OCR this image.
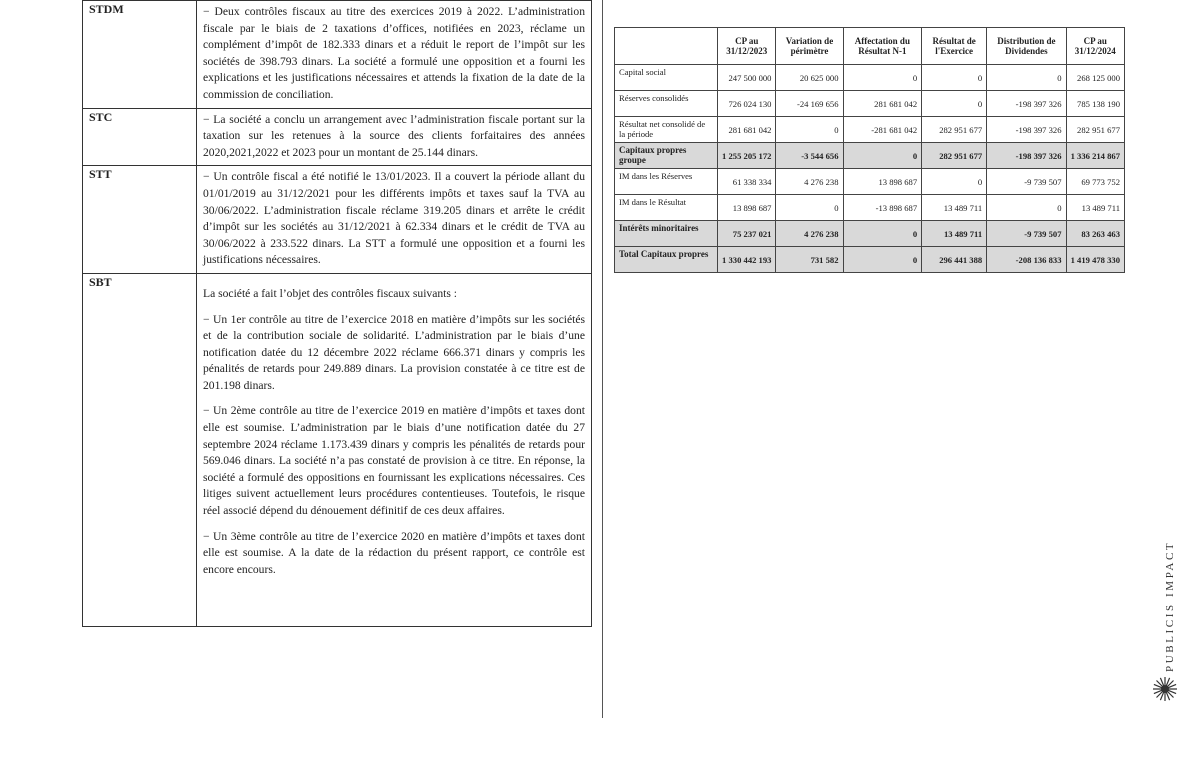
STDM	− Deux contrôles fiscaux au titre des exercices 2019 à 2022. L’administration fiscale par le biais de 2 taxations d’offices, notifiées en 2023, réclame un complément d’impôt de 182.333 dinars et a réduit le report de l’impôt sur les sociétés de 398.793 dinars. La société a formulé une opposition et a fourni les explications et les justifications nécessaires et attends la fixation de la date de la commission de conciliation.

STC	− La société a conclu un arrangement avec l’administration fiscale portant sur la taxation sur les retenues à la source des clients forfaitaires des années 2020,2021,2022 et 2023 pour un montant de 25.144 dinars.

STT	− Un contrôle fiscal a été notifié le 13/01/2023. Il a couvert la période allant du 01/01/2019 au 31/12/2021 pour les différents impôts et taxes sauf la TVA au 30/06/2022. L’administration fiscale réclame 319.205 dinars et arrête le crédit d’impôt sur les sociétés au 31/12/2021 à 62.334 dinars et le crédit de TVA au 30/06/2022 à 233.522 dinars. La STT a formulé une opposition et a fourni les justifications nécessaires.

SBT	La société a fait l’objet des contrôles fiscaux suivants :

− Un 1er contrôle au titre de l’exercice 2018 en matière d’impôts sur les sociétés et de la contribution sociale de solidarité. L’administration par le biais d’une notification datée du 12 décembre 2022 réclame 666.371 dinars y compris les pénalités de retards pour 249.889 dinars. La provision constatée à ce titre est de 201.198 dinars.

− Un 2ème contrôle au titre de l’exercice 2019 en matière d’impôts et taxes dont elle est soumise. L’administration par le biais d’une notification datée du 27 septembre 2024 réclame 1.173.439 dinars y compris les pénalités de retards pour 569.046 dinars. La société n’a pas constaté de provision à ce titre. En réponse, la société a formulé des oppositions en fournissant les explications nécessaires. Ces litiges suivent actuellement leurs procédures contentieuses. Toutefois, le risque réel associé dépend du dénouement définitif de ces deux affaires.

− Un 3ème contrôle au titre de l’exercice 2020 en matière d’impôts et taxes dont elle est soumise. A la date de la rédaction du présent rapport, ce contrôle est encore encours.

	CP au 31/12/2023	Variation de périmètre	Affectation du Résultat N-1	Résultat de l'Exercice	Distribution de Dividendes	CP au 31/12/2024
Capital social	247 500 000	20 625 000	0	0	0	268 125 000
Réserves consolidés	726 024 130	-24 169 656	281 681 042	0	-198 397 326	785 138 190
Résultat net consolidé de la période	281 681 042	0	-281 681 042	282 951 677	-198 397 326	282 951 677
Capitaux propres groupe	1 255 205 172	-3 544 656	0	282 951 677	-198 397 326	1 336 214 867
IM dans les Réserves	61 338 334	4 276 238	13 898 687	0	-9 739 507	69 773 752
IM dans le Résultat	13 898 687	0	-13 898 687	13 489 711	0	13 489 711
Intérêts minoritaires	75 237 021	4 276 238	0	13 489 711	-9 739 507	83 263 463
Total Capitaux propres	1 330 442 193	731 582	0	296 441 388	-208 136 833	1 419 478 330
PUBLICIS IMPACT
